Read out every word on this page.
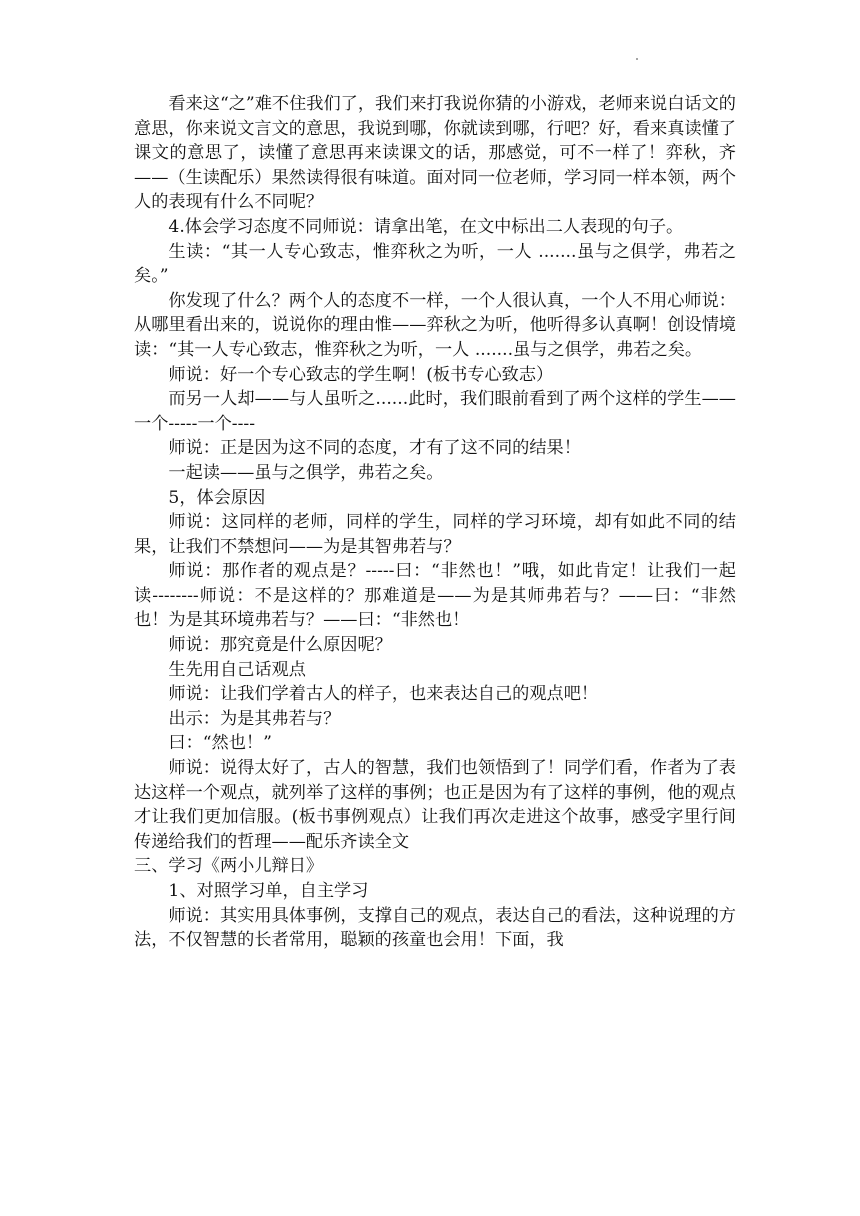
看来这“之”难不住我们了，我们来打我说你猜的小游戏，老师来说白话文的意思，你来说文言文的意思，我说到哪，你就读到哪，行吧？好，看来真读懂了课文的意思了，读懂了意思再来读课文的话，那感觉，可不一样了！弈秋，齐——（生读配乐）果然读得很有味道。面对同一位老师，学习同一样本领，两个人的表现有什么不同呢？

4.体会学习态度不同师说：请拿出笔，在文中标出二人表现的句子。

生读：“其一人专心致志，惟弈秋之为听，一人 .......虽与之俱学，弗若之矣。”

你发现了什么？两个人的态度不一样，一个人很认真，一个人不用心师说：从哪里看出来的，说说你的理由惟——弈秋之为听，他听得多认真啊！创设情境读：“其一人专心致志，惟弈秋之为听，一人 .......虽与之俱学，弗若之矣。

师说：好一个专心致志的学生啊！(板书专心致志）

而另一人却——与人虽听之......此时，我们眼前看到了两个这样的学生——一个-----一个----

师说：正是因为这不同的态度，才有了这不同的结果！

一起读——虽与之俱学，弗若之矣。

5，体会原因

师说：这同样的老师，同样的学生，同样的学习环境，却有如此不同的结果，让我们不禁想问——为是其智弗若与？

师说：那作者的观点是？-----曰：“非然也！”哦，如此肯定！让我们一起读--------师说：不是这样的？那难道是——为是其师弗若与？——曰：“非然也！为是其环境弗若与？——曰：“非然也！

师说：那究竟是什么原因呢？

生先用自己话观点

师说：让我们学着古人的样子，也来表达自己的观点吧！

出示：为是其弗若与？

曰：“然也！”

师说：说得太好了，古人的智慧，我们也领悟到了！同学们看，作者为了表达这样一个观点，就列举了这样的事例；也正是因为有了这样的事例，他的观点才让我们更加信服。(板书事例观点）让我们再次走进这个故事，感受字里行间传递给我们的哲理——配乐齐读全文

三、学习《两小儿辩日》

1、对照学习单，自主学习

师说：其实用具体事例，支撑自己的观点，表达自己的看法，这种说理的方法，不仅智慧的长者常用，聪颖的孩童也会用！下面，我
